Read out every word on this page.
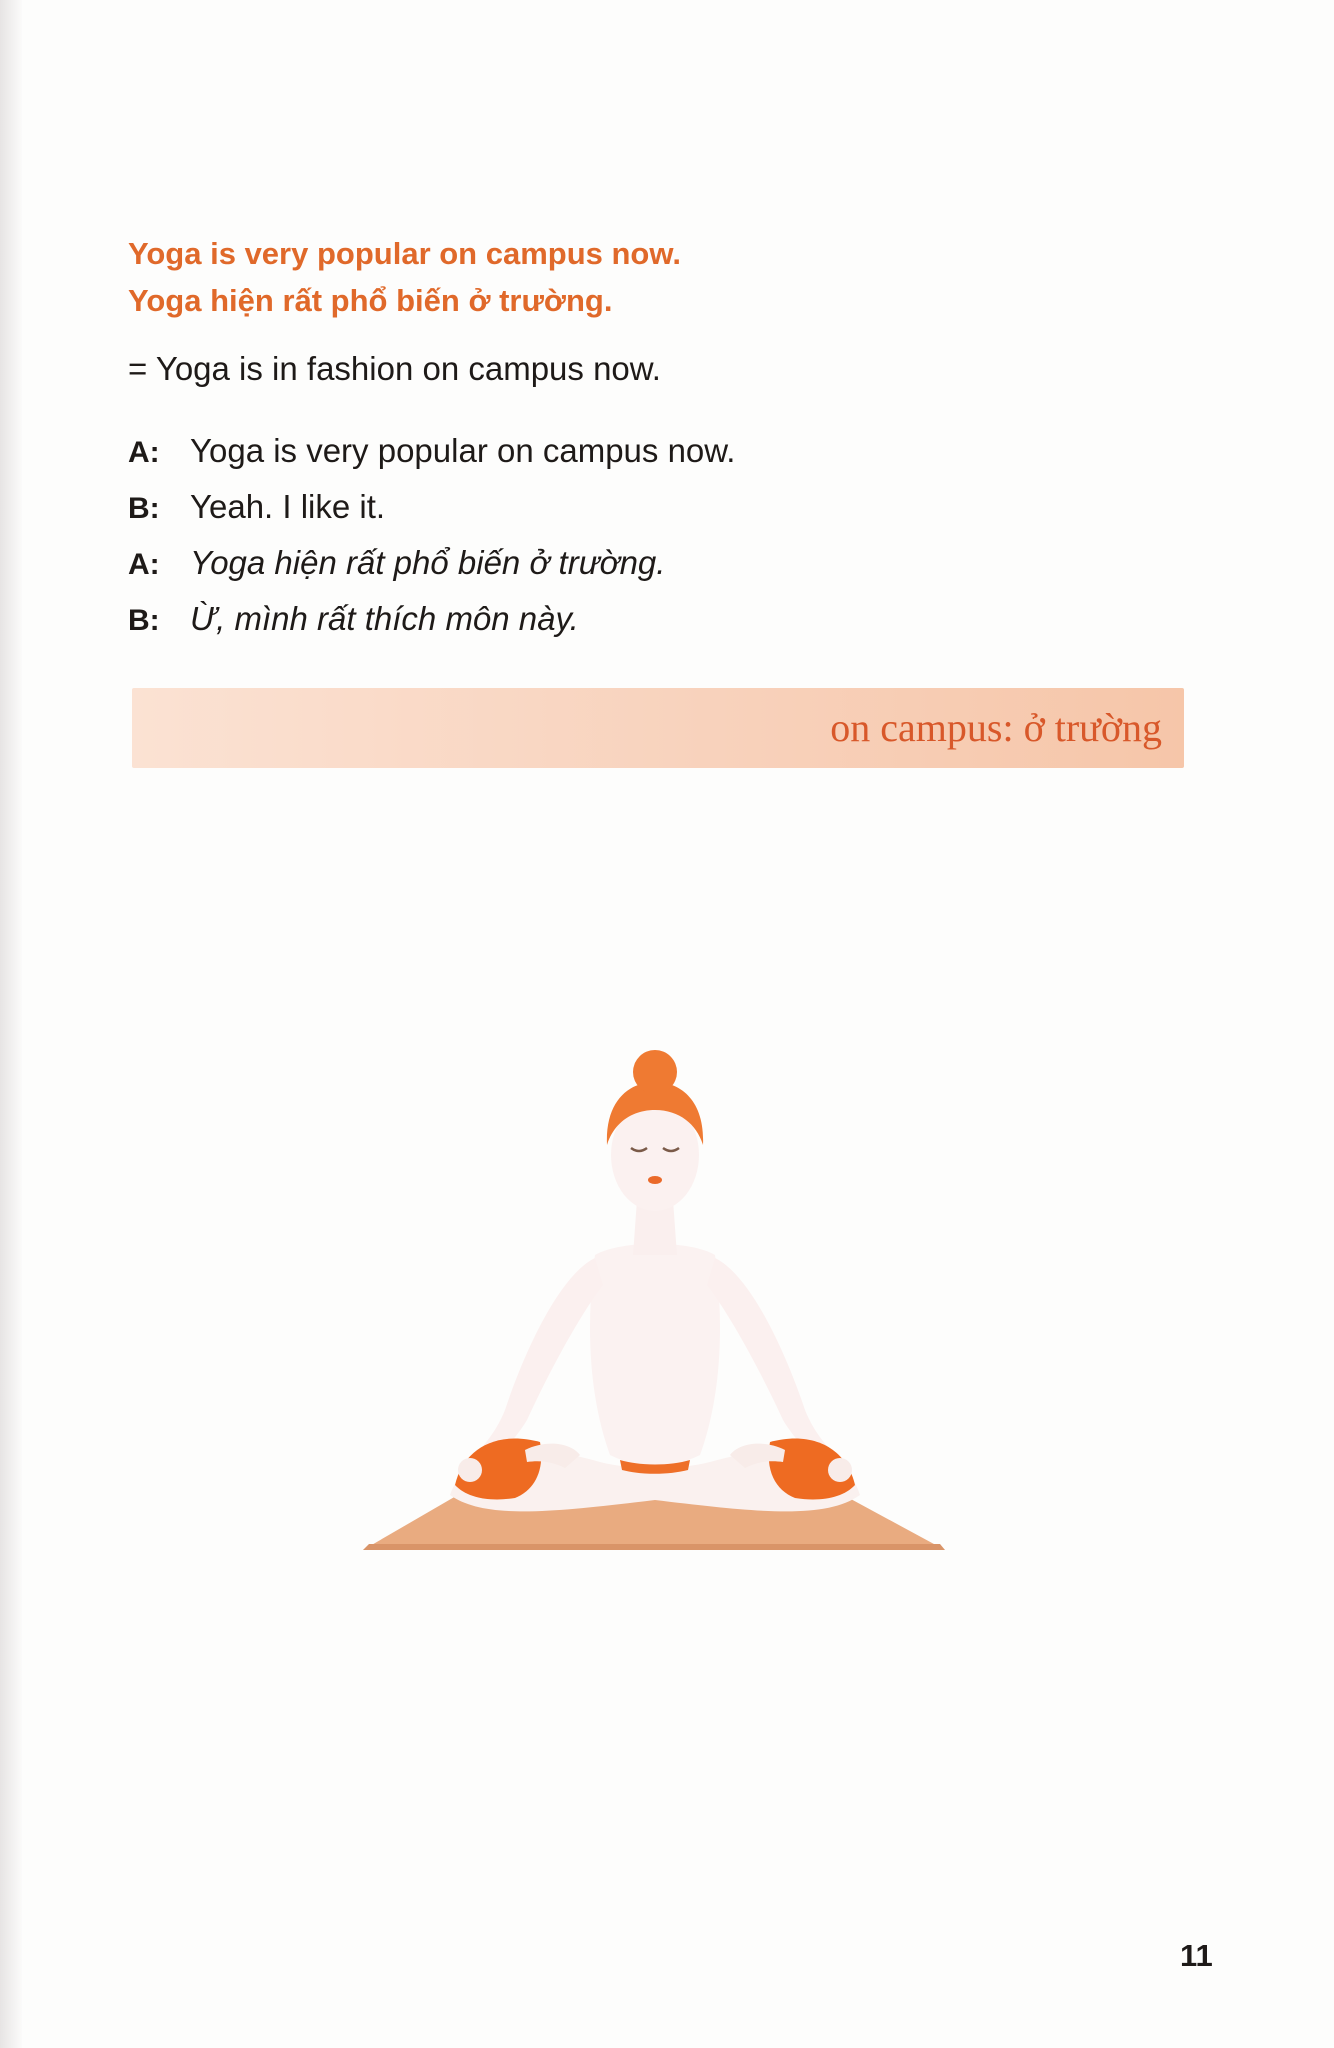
Yoga is very popular on campus now.
Yoga hiện rất phổ biến ở trường.
= Yoga is in fashion on campus now.
A: Yoga is very popular on campus now.
B: Yeah. I like it.
A: Yoga hiện rất phổ biến ở trường.
B: Ừ, mình rất thích môn này.
on campus: ở trường
11
